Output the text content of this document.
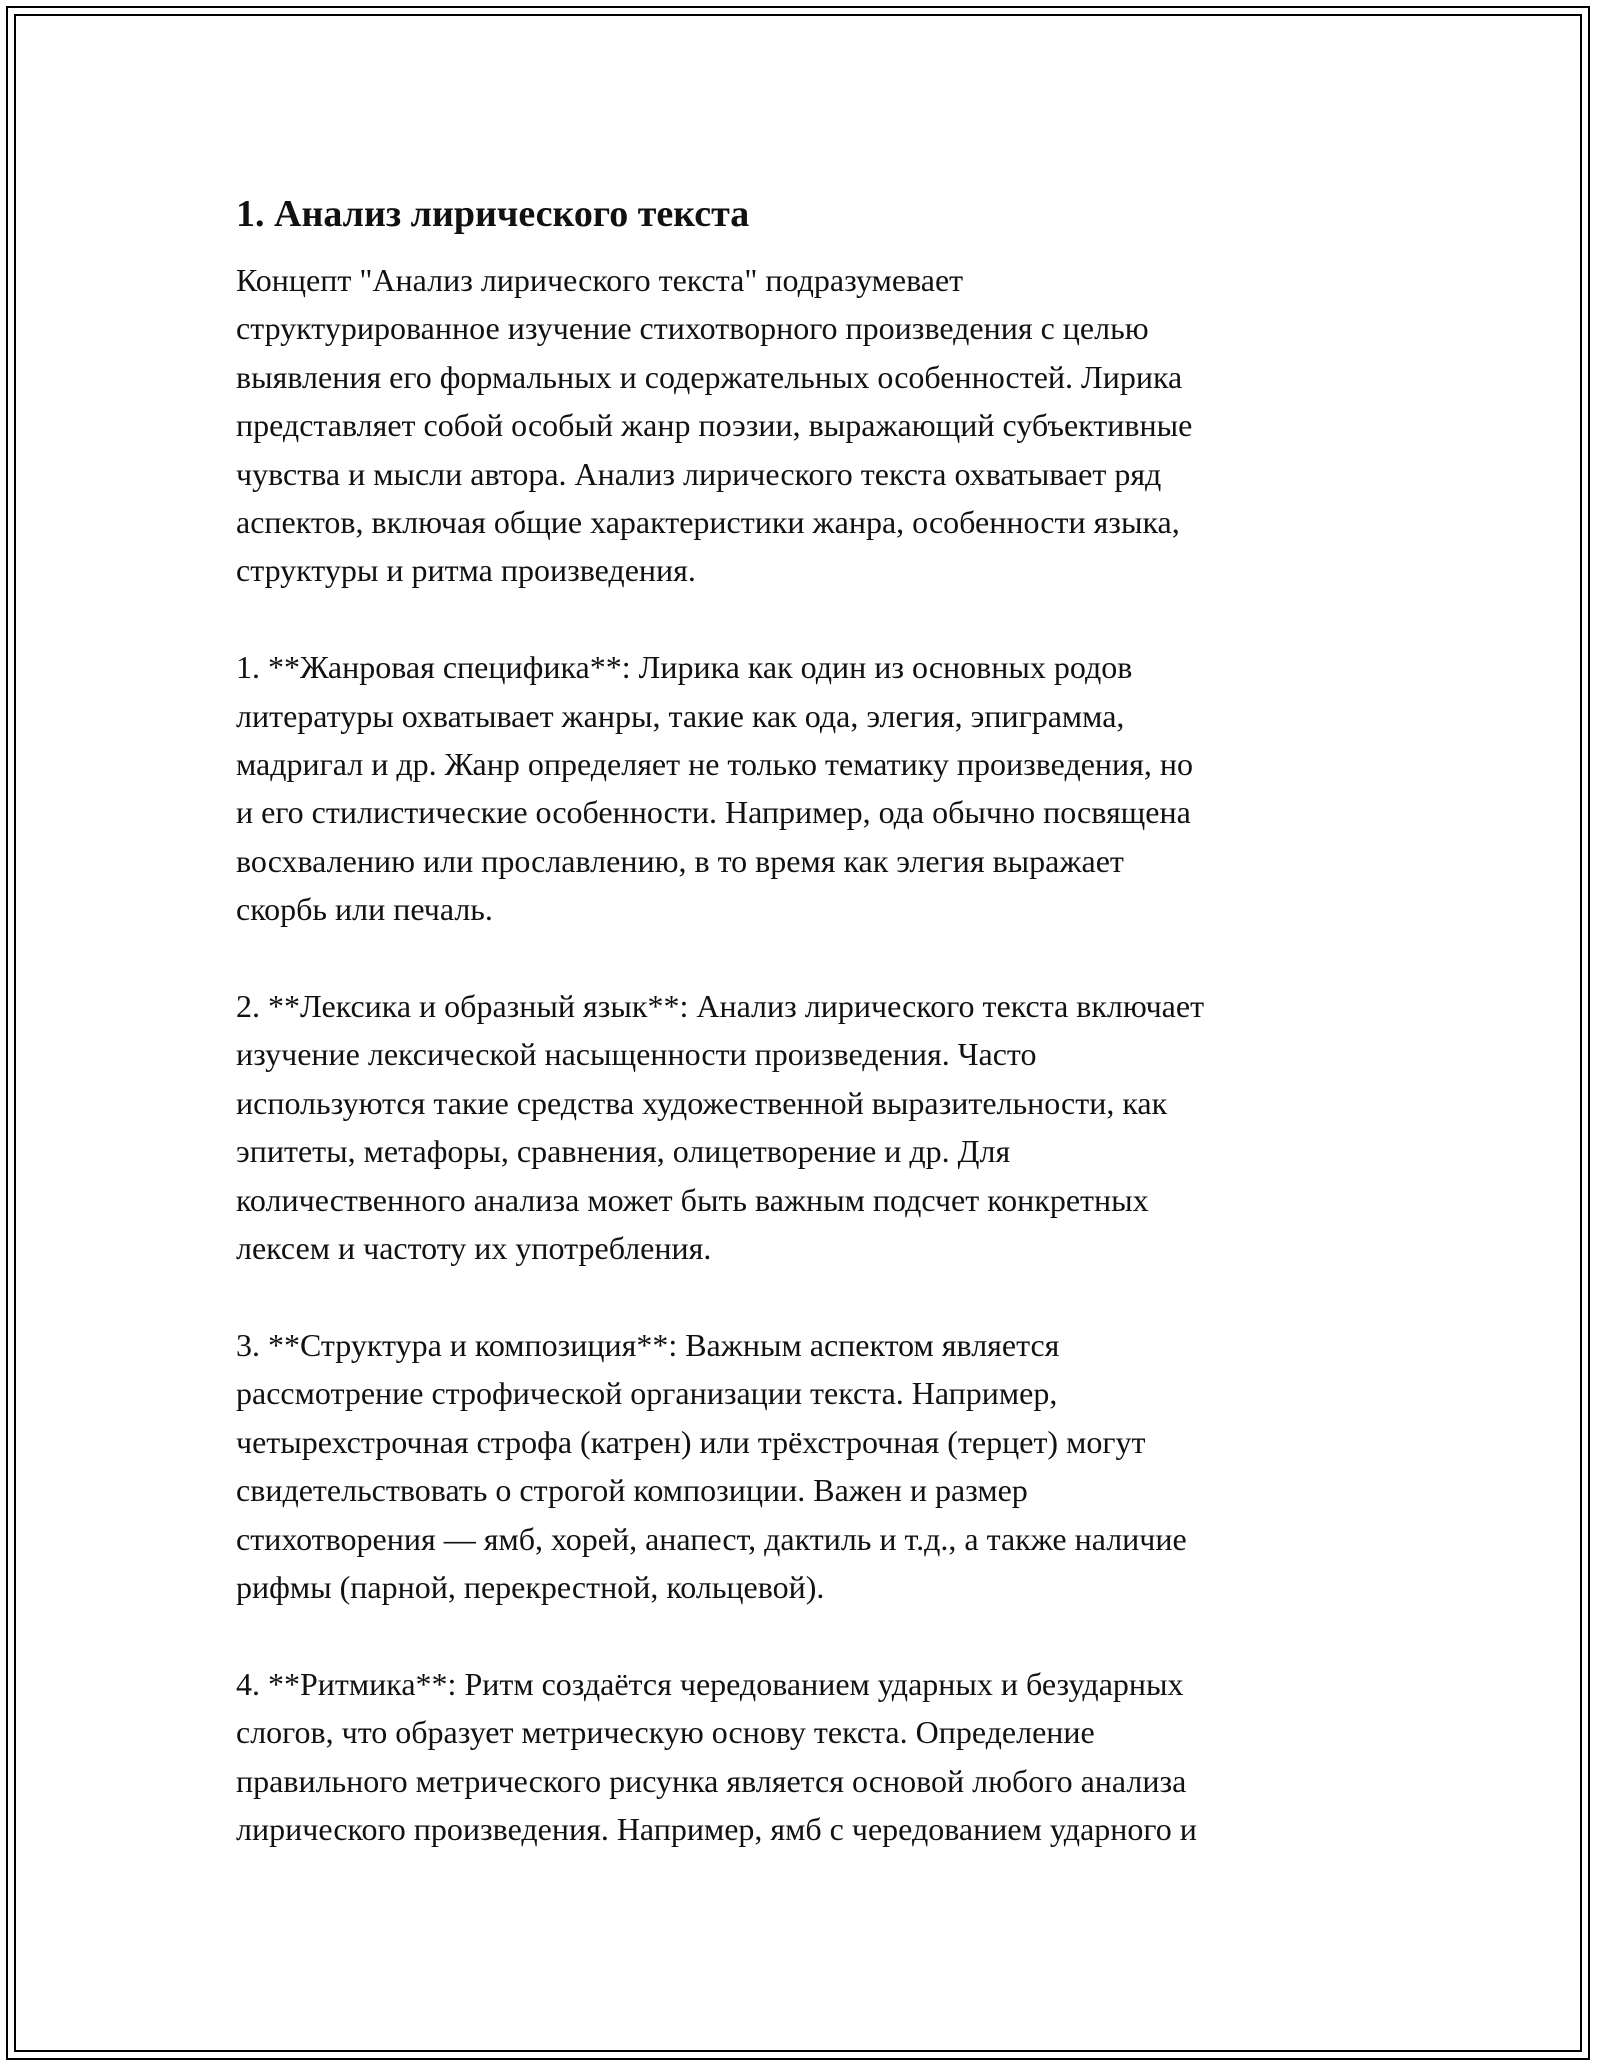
1. Анализ лирического текста

Концепт "Анализ лирического текста" подразумевает
структурированное изучение стихотворного произведения с целью
выявления его формальных и содержательных особенностей. Лирика
представляет собой особый жанр поэзии, выражающий субъективные
чувства и мысли автора. Анализ лирического текста охватывает ряд
аспектов, включая общие характеристики жанра, особенности языка,
структуры и ритма произведения.

1. **Жанровая специфика**: Лирика как один из основных родов
литературы охватывает жанры, такие как ода, элегия, эпиграмма,
мадригал и др. Жанр определяет не только тематику произведения, но
и его стилистические особенности. Например, ода обычно посвящена
восхвалению или прославлению, в то время как элегия выражает
скорбь или печаль.

2. **Лексика и образный язык**: Анализ лирического текста включает
изучение лексической насыщенности произведения. Часто
используются такие средства художественной выразительности, как
эпитеты, метафоры, сравнения, олицетворение и др. Для
количественного анализа может быть важным подсчет конкретных
лексем и частоту их употребления.

3. **Структура и композиция**: Важным аспектом является
рассмотрение строфической организации текста. Например,
четырехстрочная строфа (катрен) или трёхстрочная (терцет) могут
свидетельствовать о строгой композиции. Важен и размер
стихотворения — ямб, хорей, анапест, дактиль и т.д., а также наличие
рифмы (парной, перекрестной, кольцевой).

4. **Ритмика**: Ритм создаётся чередованием ударных и безударных
слогов, что образует метрическую основу текста. Определение
правильного метрического рисунка является основой любого анализа
лирического произведения. Например, ямб с чередованием ударного и
